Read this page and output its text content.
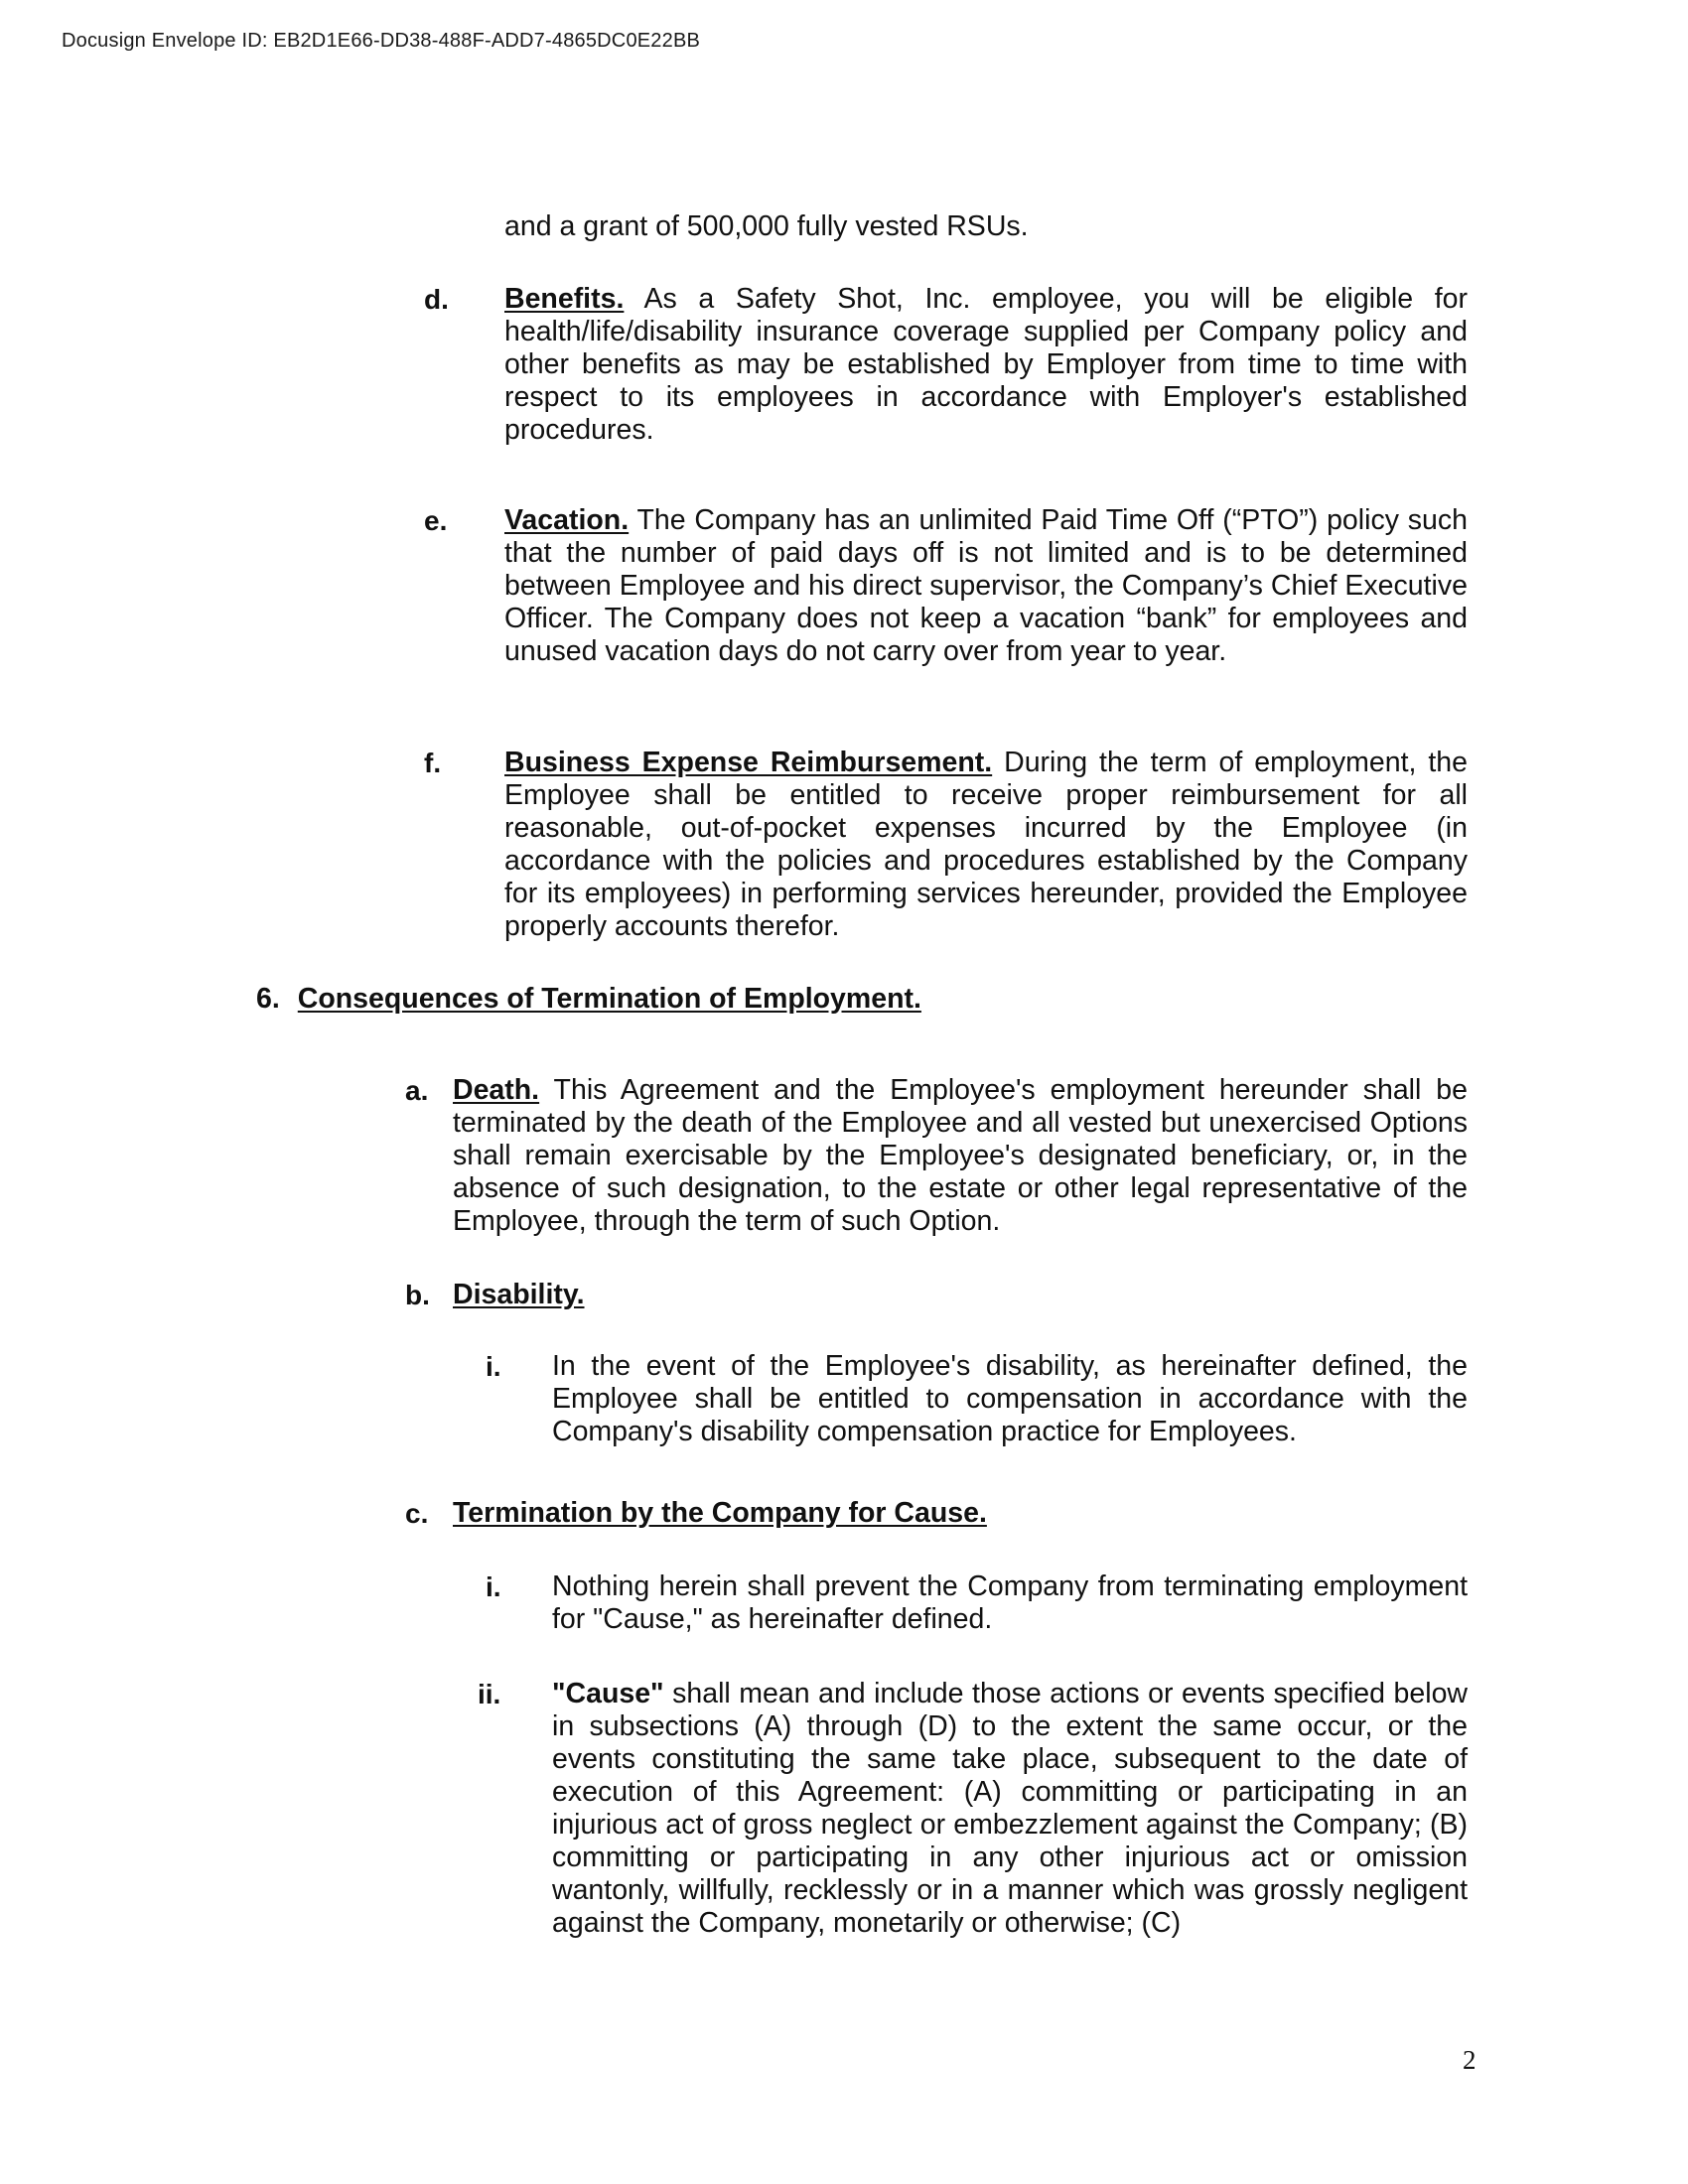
Docusign Envelope ID: EB2D1E66-DD38-488F-ADD7-4865DC0E22BB
and a grant of 500,000 fully vested RSUs.
d. Benefits. As a Safety Shot, Inc. employee, you will be eligible for health/life/disability insurance coverage supplied per Company policy and other benefits as may be established by Employer from time to time with respect to its employees in accordance with Employer's established procedures.
e. Vacation. The Company has an unlimited Paid Time Off (“PTO”) policy such that the number of paid days off is not limited and is to be determined between Employee and his direct supervisor, the Company’s Chief Executive Officer. The Company does not keep a vacation “bank” for employees and unused vacation days do not carry over from year to year.
f. Business Expense Reimbursement. During the term of employment, the Employee shall be entitled to receive proper reimbursement for all reasonable, out-of-pocket expenses incurred by the Employee (in accordance with the policies and procedures established by the Company for its employees) in performing services hereunder, provided the Employee properly accounts therefor.
6. Consequences of Termination of Employment.
a. Death. This Agreement and the Employee's employment hereunder shall be terminated by the death of the Employee and all vested but unexercised Options shall remain exercisable by the Employee's designated beneficiary, or, in the absence of such designation, to the estate or other legal representative of the Employee, through the term of such Option.
b. Disability.
i. In the event of the Employee's disability, as hereinafter defined, the Employee shall be entitled to compensation in accordance with the Company's disability compensation practice for Employees.
c. Termination by the Company for Cause.
i. Nothing herein shall prevent the Company from terminating employment for "Cause," as hereinafter defined.
ii. "Cause" shall mean and include those actions or events specified below in subsections (A) through (D) to the extent the same occur, or the events constituting the same take place, subsequent to the date of execution of this Agreement: (A) committing or participating in an injurious act of gross neglect or embezzlement against the Company; (B) committing or participating in any other injurious act or omission wantonly, willfully, recklessly or in a manner which was grossly negligent against the Company, monetarily or otherwise; (C)
2
